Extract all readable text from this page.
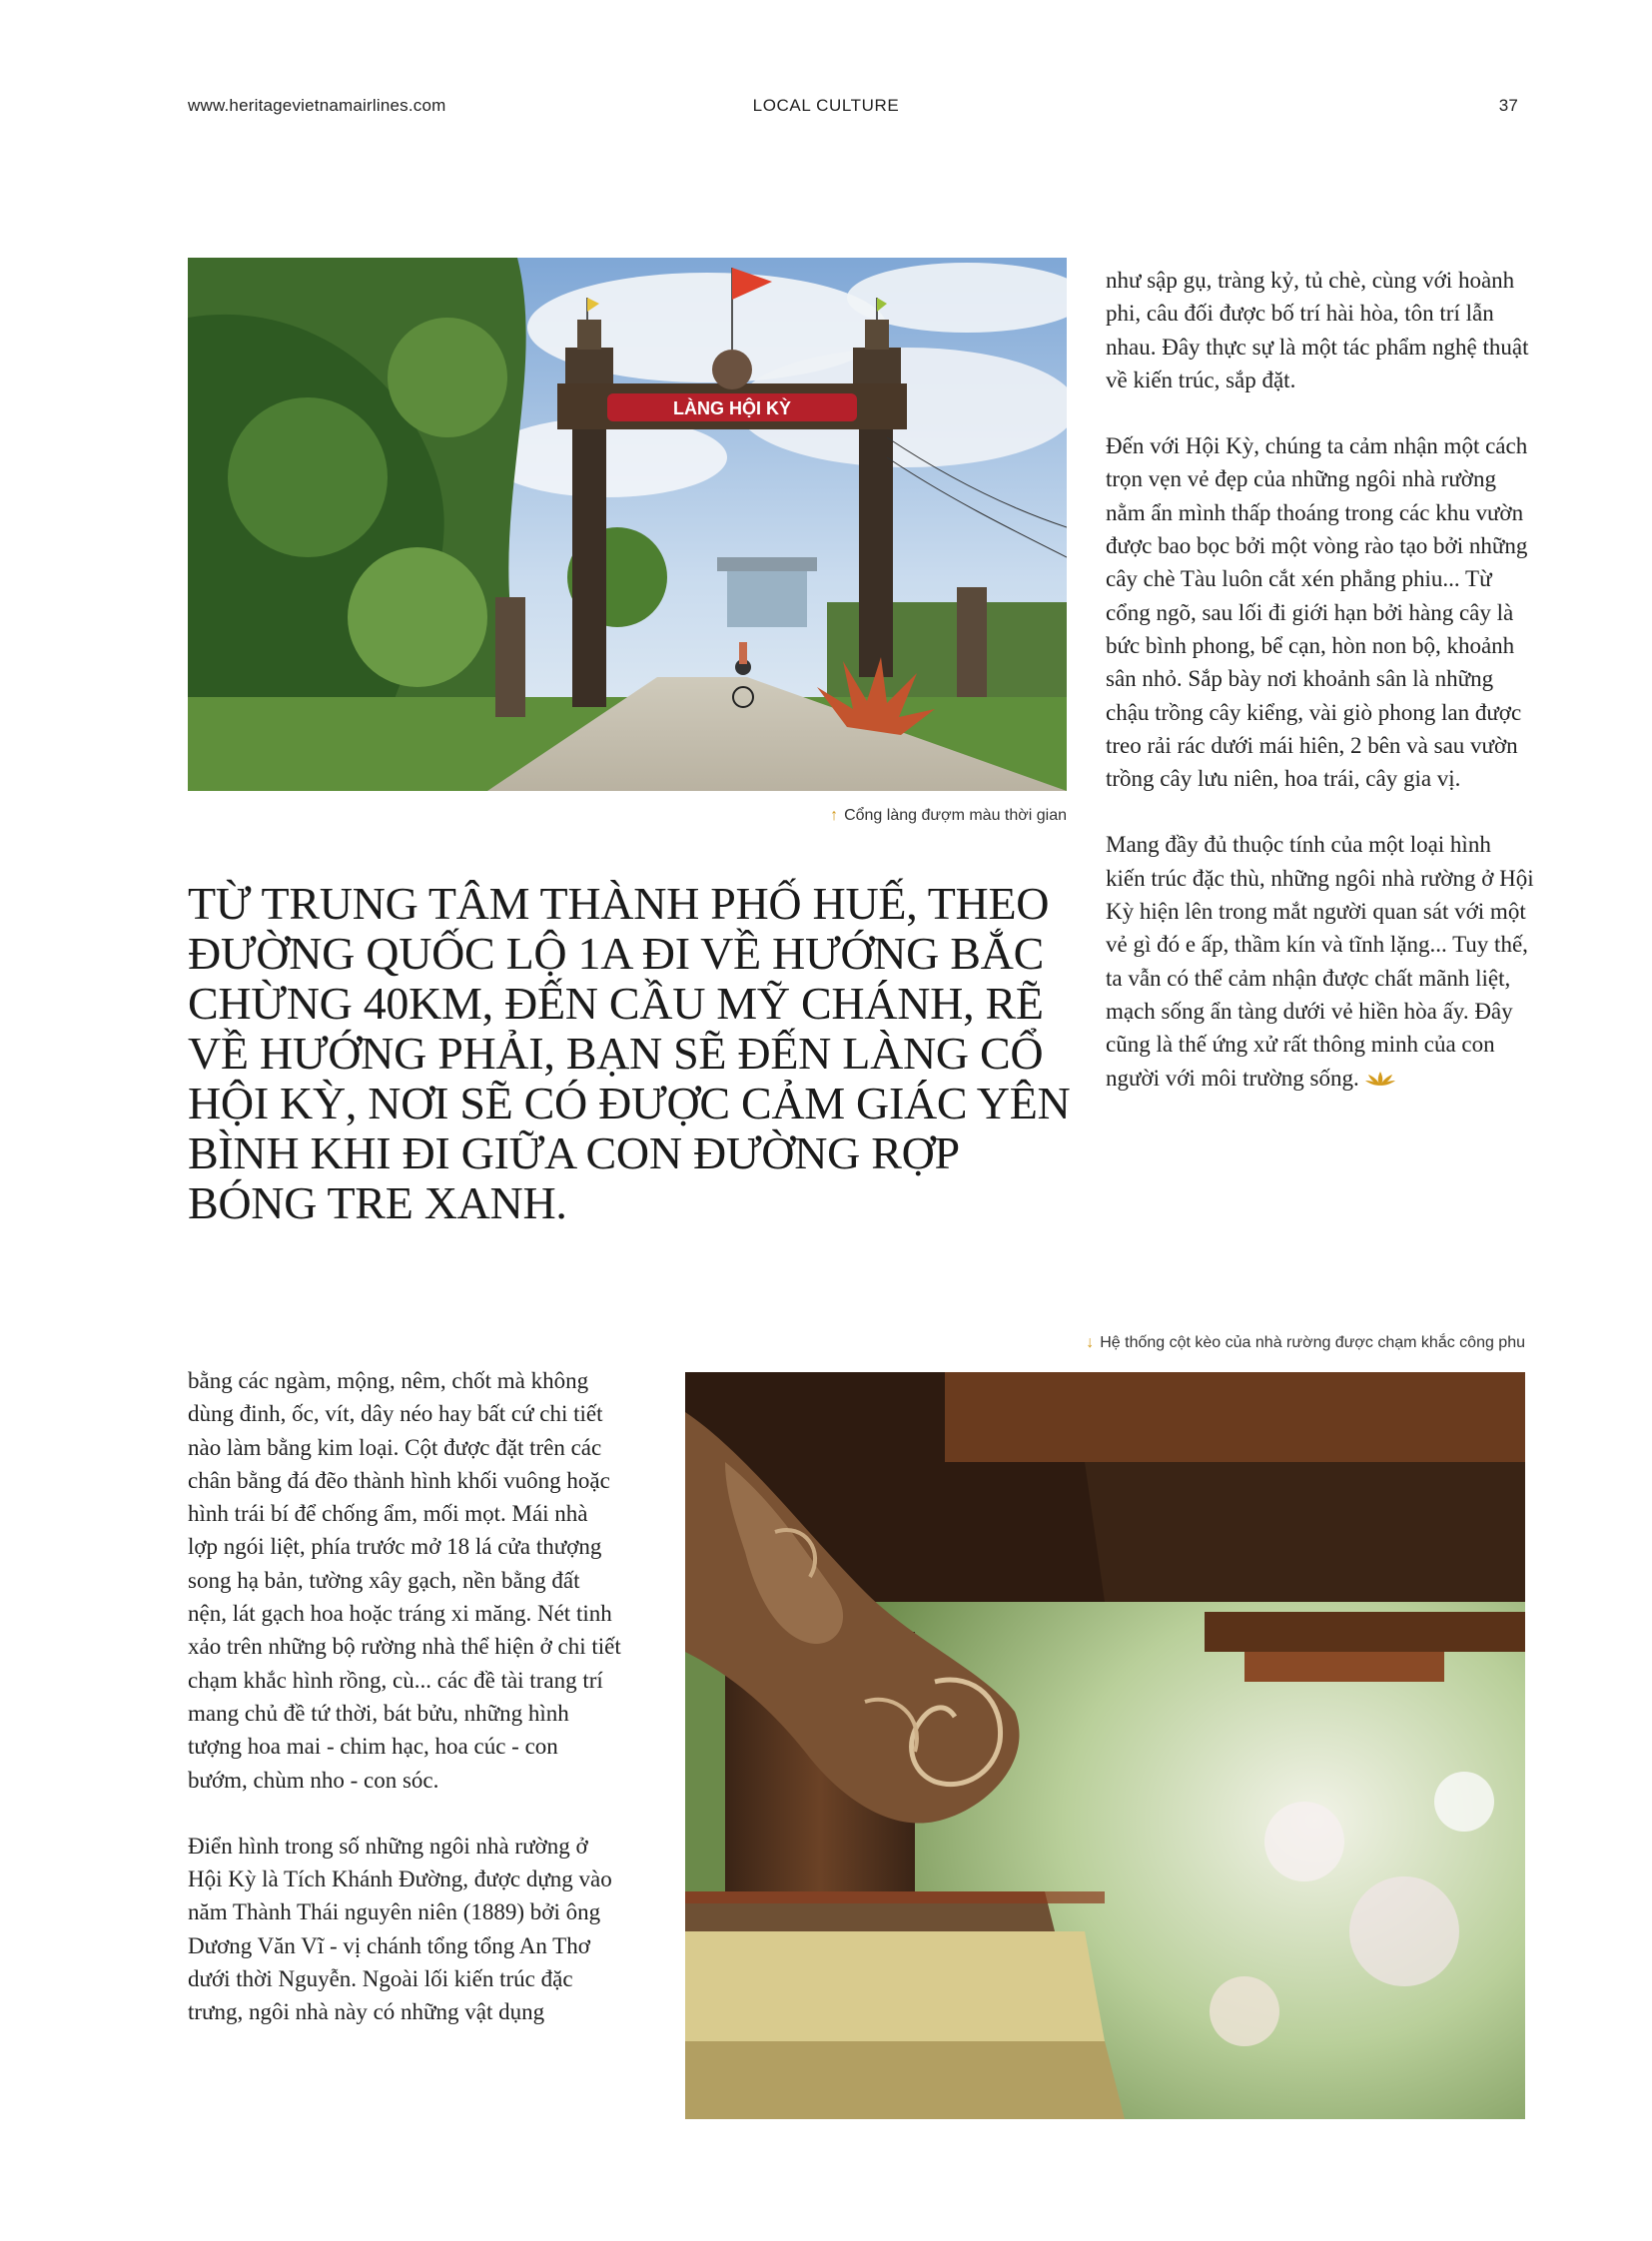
www.heritagevietnamairlines.com	LOCAL CULTURE	37
LÀNG HỘI KỲ
↑ Cổng làng đượm màu thời gian

như sập gụ, tràng kỷ, tủ chè, cùng với hoành phi, câu đối được bố trí hài hòa, tôn trí lẫn nhau. Đây thực sự là một tác phẩm nghệ thuật về kiến trúc, sắp đặt.

Đến với Hội Kỳ, chúng ta cảm nhận một cách trọn vẹn vẻ đẹp của những ngôi nhà rường nằm ẩn mình thấp thoáng trong các khu vườn được bao bọc bởi một vòng rào tạo bởi những cây chè Tàu luôn cắt xén phẳng phiu... Từ cổng ngõ, sau lối đi giới hạn bởi hàng cây là bức bình phong, bể cạn, hòn non bộ, khoảnh sân nhỏ. Sắp bày nơi khoảnh sân là những chậu trồng cây kiểng, vài giò phong lan được treo rải rác dưới mái hiên, 2 bên và sau vườn trồng cây lưu niên, hoa trái, cây gia vị.

Mang đầy đủ thuộc tính của một loại hình kiến trúc đặc thù, những ngôi nhà rường ở Hội Kỳ hiện lên trong mắt người quan sát với một vẻ gì đó e ấp, thầm kín và tĩnh lặng... Tuy thế, ta vẫn có thể cảm nhận được chất mãnh liệt, mạch sống ẩn tàng dưới vẻ hiền hòa ấy. Đây cũng là thế ứng xử rất thông minh của con người với môi trường sống.

TỪ TRUNG TÂM THÀNH PHỐ HUẾ, THEO ĐƯỜNG QUỐC LỘ 1A ĐI VỀ HƯỚNG BẮC CHỪNG 40KM, ĐẾN CẦU MỸ CHÁNH, RẼ VỀ HƯỚNG PHẢI, BẠN SẼ ĐẾN LÀNG CỔ HỘI KỲ, NƠI SẼ CÓ ĐƯỢC CẢM GIÁC YÊN BÌNH KHI ĐI GIỮA CON ĐƯỜNG RỢP BÓNG TRE XANH.
↓ Hệ thống cột kèo của nhà rường được chạm khắc công phu

bằng các ngàm, mộng, nêm, chốt mà không dùng đinh, ốc, vít, dây néo hay bất cứ chi tiết nào làm bằng kim loại. Cột được đặt trên các chân bằng đá đẽo thành hình khối vuông hoặc hình trái bí để chống ẩm, mối mọt. Mái nhà lợp ngói liệt, phía trước mở 18 lá cửa thượng song hạ bản, tường xây gạch, nền bằng đất nện, lát gạch hoa hoặc tráng xi măng. Nét tinh xảo trên những bộ rường nhà thể hiện ở chi tiết chạm khắc hình rồng, cù... các đề tài trang trí mang chủ đề tứ thời, bát bửu, những hình tượng hoa mai - chim hạc, hoa cúc - con bướm, chùm nho - con sóc.

Điển hình trong số những ngôi nhà rường ở Hội Kỳ là Tích Khánh Đường, được dựng vào năm Thành Thái nguyên niên (1889) bởi ông Dương Văn Vĩ - vị chánh tổng tổng An Thơ dưới thời Nguyễn. Ngoài lối kiến trúc đặc trưng, ngôi nhà này có những vật dụng
